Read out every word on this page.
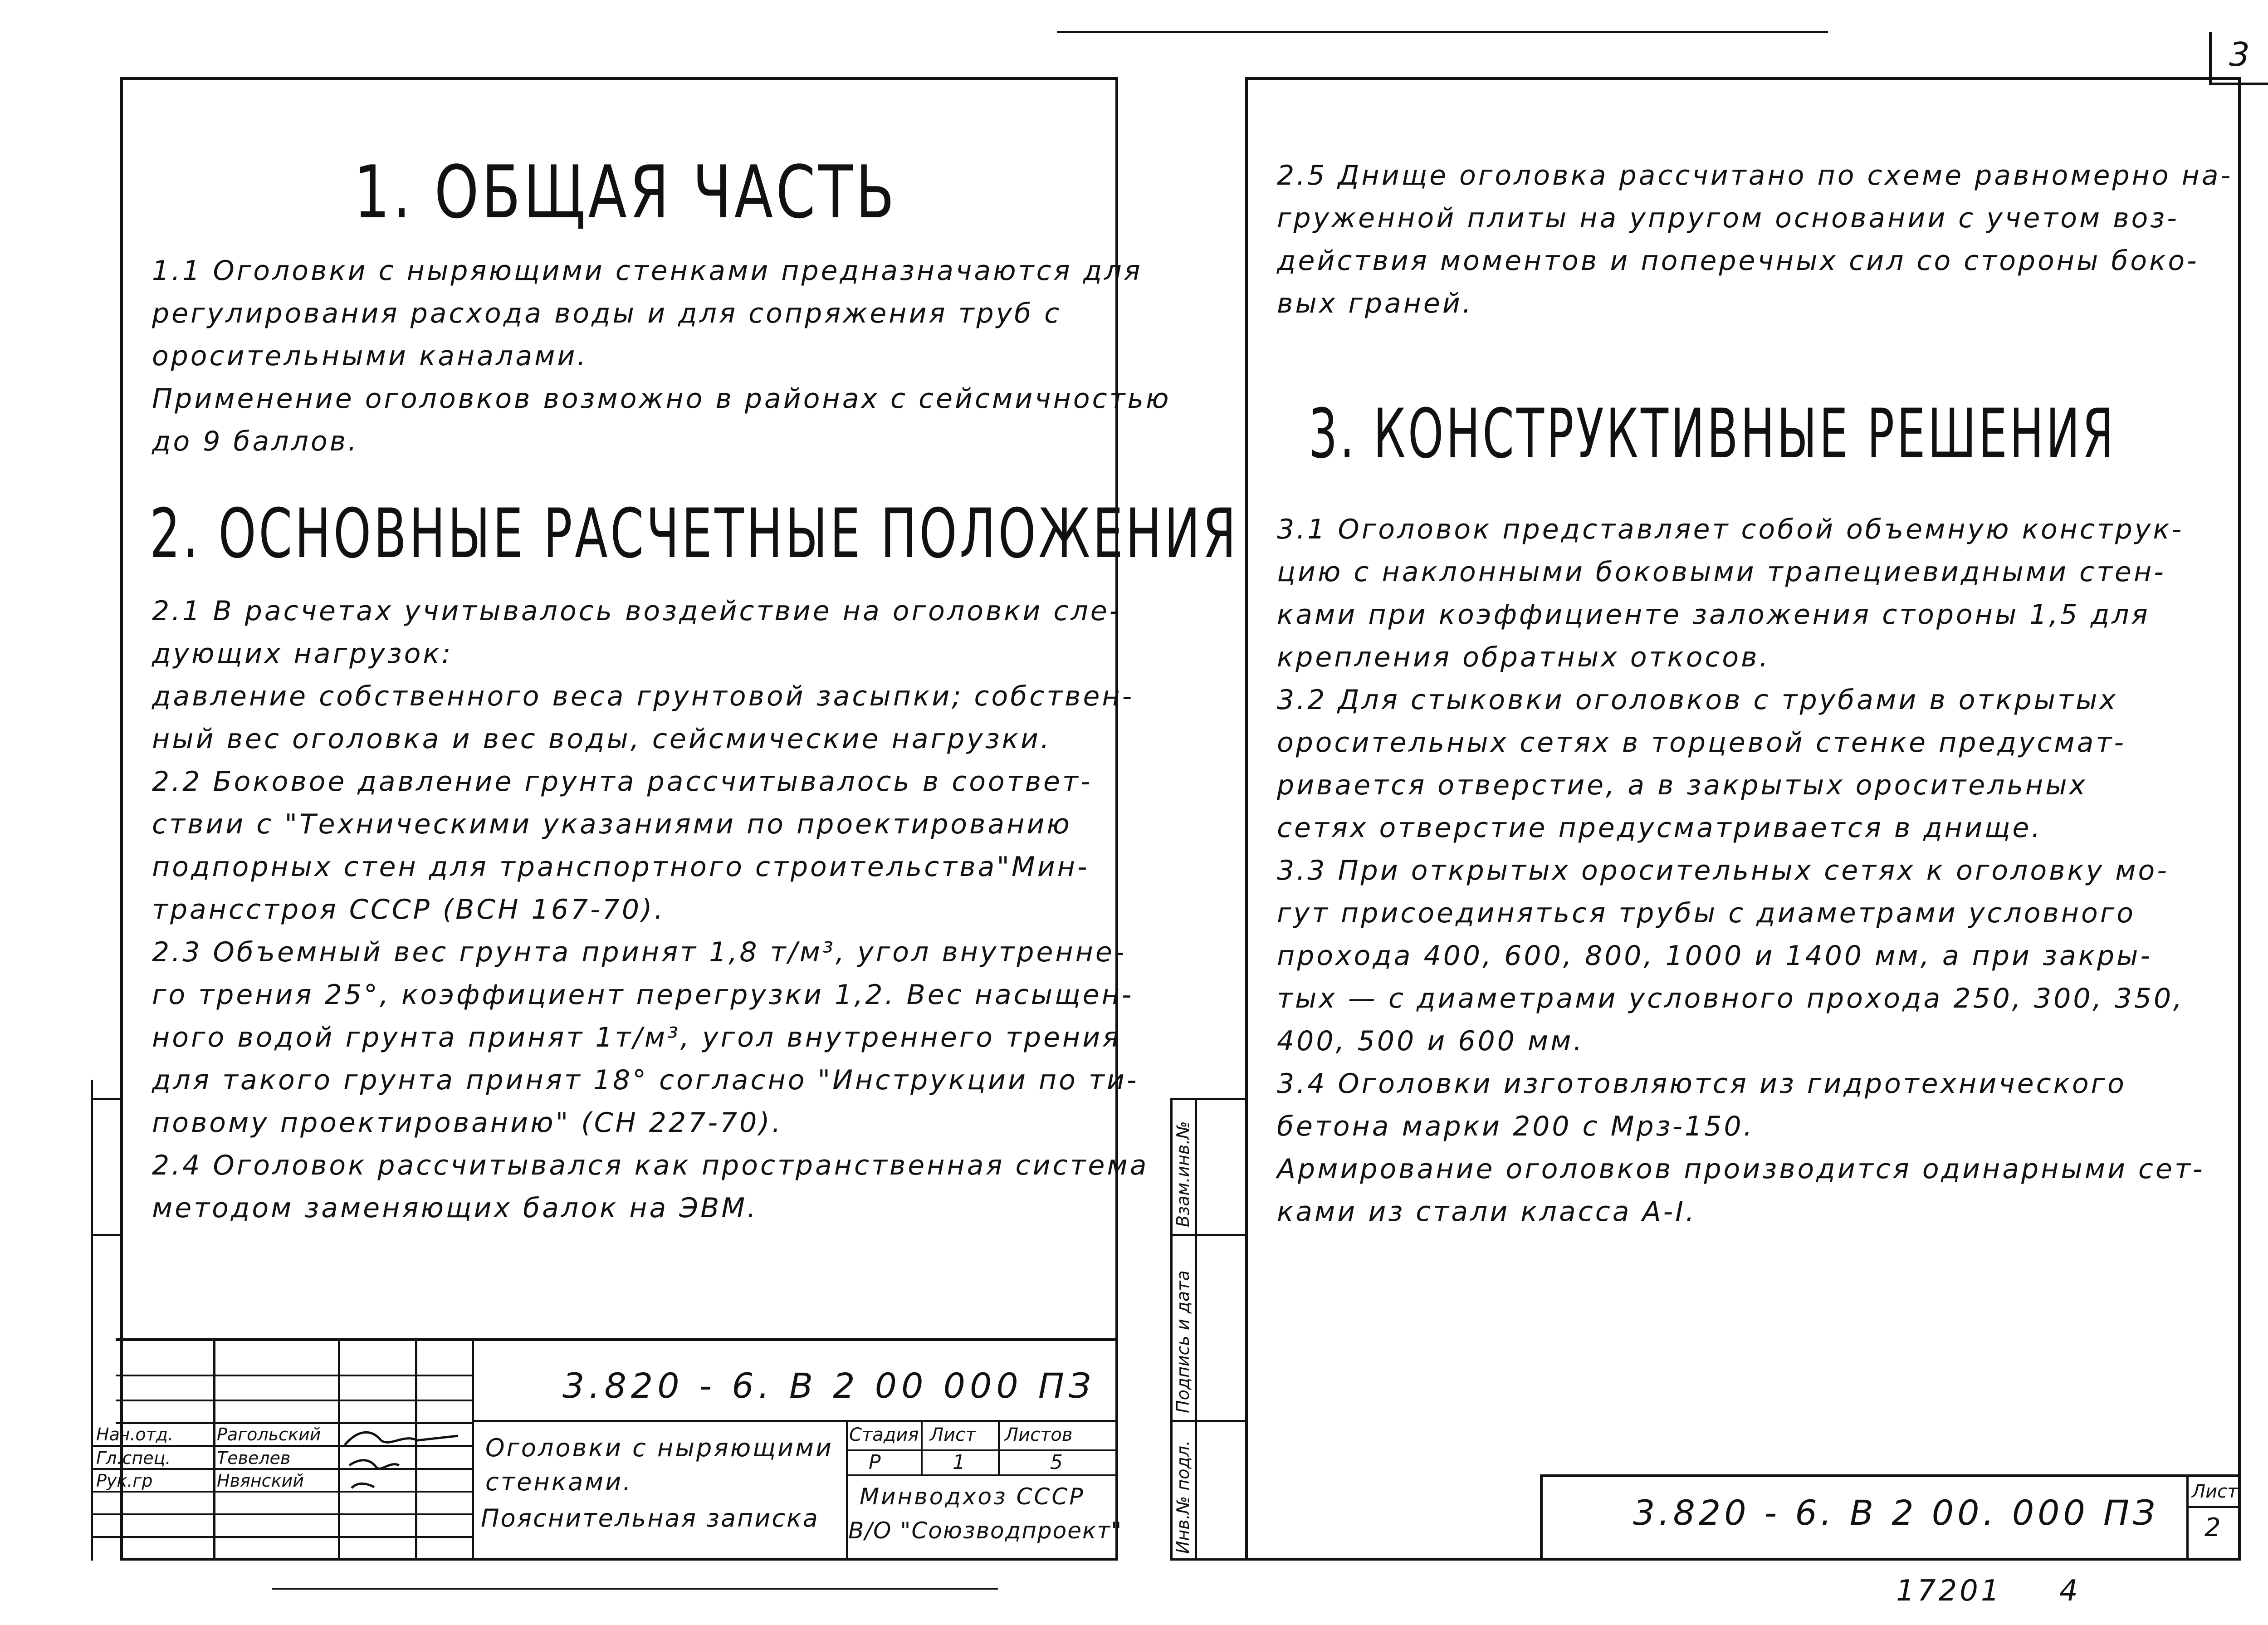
3
1. ОБЩАЯ ЧАСТЬ
1.1 Оголовки с ныряющими стенками предназначаются для
регулирования расхода воды и для сопряжения труб с
оросительными каналами.
Применение оголовков возможно в районах с сейсмичностью
до 9 баллов.
2. ОСНОВНЫЕ РАСЧЕТНЫЕ ПОЛОЖЕНИЯ
2.1 В расчетах учитывалось воздействие на оголовки сле-
дующих нагрузок:
давление собственного веса грунтовой засыпки; собствен-
ный вес оголовка и вес воды, сейсмические нагрузки.
2.2 Боковое давление грунта рассчитывалось в соответ-
ствии с "Техническими указаниями по проектированию
подпорных стен для транспортного строительства"Мин-
трансстроя СССР (ВСН 167-70).
2.3 Объемный вес грунта принят 1,8 т/м³, угол внутренне-
го трения 25°, коэффициент перегрузки 1,2. Вес насыщен-
ного водой грунта принят 1т/м³, угол внутреннего трения
для такого грунта принят 18° согласно "Инструкции по ти-
повому проектированию" (СН 227-70).
2.4 Оголовок рассчитывался как пространственная система
методом заменяющих балок на ЭВМ.
3.820 - 6. В 2 00 000 ПЗ
Нач.отд.
Гл.спец.
Рук.гр
Рагольский
Тевелев
Нвянский
Оголовки с ныряющими
стенками.
Пояснительная записка
Стадия Лист Листов
Р	1	5
Минводхоз СССР
В/О "Союзводпроект"
2.5 Днище оголовка рассчитано по схеме равномерно на-
груженной плиты на упругом основании с учетом воз-
действия моментов и поперечных сил со стороны боко-
вых граней.
3. КОНСТРУКТИВНЫЕ РЕШЕНИЯ
3.1 Оголовок представляет собой объемную конструк-
цию с наклонными боковыми трапециевидными стен-
ками при коэффициенте заложения стороны 1,5 для
крепления обратных откосов.
3.2 Для стыковки оголовков с трубами в открытых
оросительных сетях в торцевой стенке предусмат-
ривается отверстие, а в закрытых оросительных
сетях отверстие предусматривается в днище.
3.3 При открытых оросительных сетях к оголовку мо-
гут присоединяться трубы с диаметрами условного
прохода 400, 600, 800, 1000 и 1400 мм, а при закры-
тых — с диаметрами условного прохода 250, 300, 350,
400, 500 и 600 мм.
3.4 Оголовки изготовляются из гидротехнического
бетона марки 200 с Мрз-150.
Армирование оголовков производится одинарными сет-
ками из стали класса А-I.
Инв.№ подл.
Подпись и дата
Взам.инв.№
3.820 - 6. В 2 00. 000 ПЗ
Лист
2
17201 4
